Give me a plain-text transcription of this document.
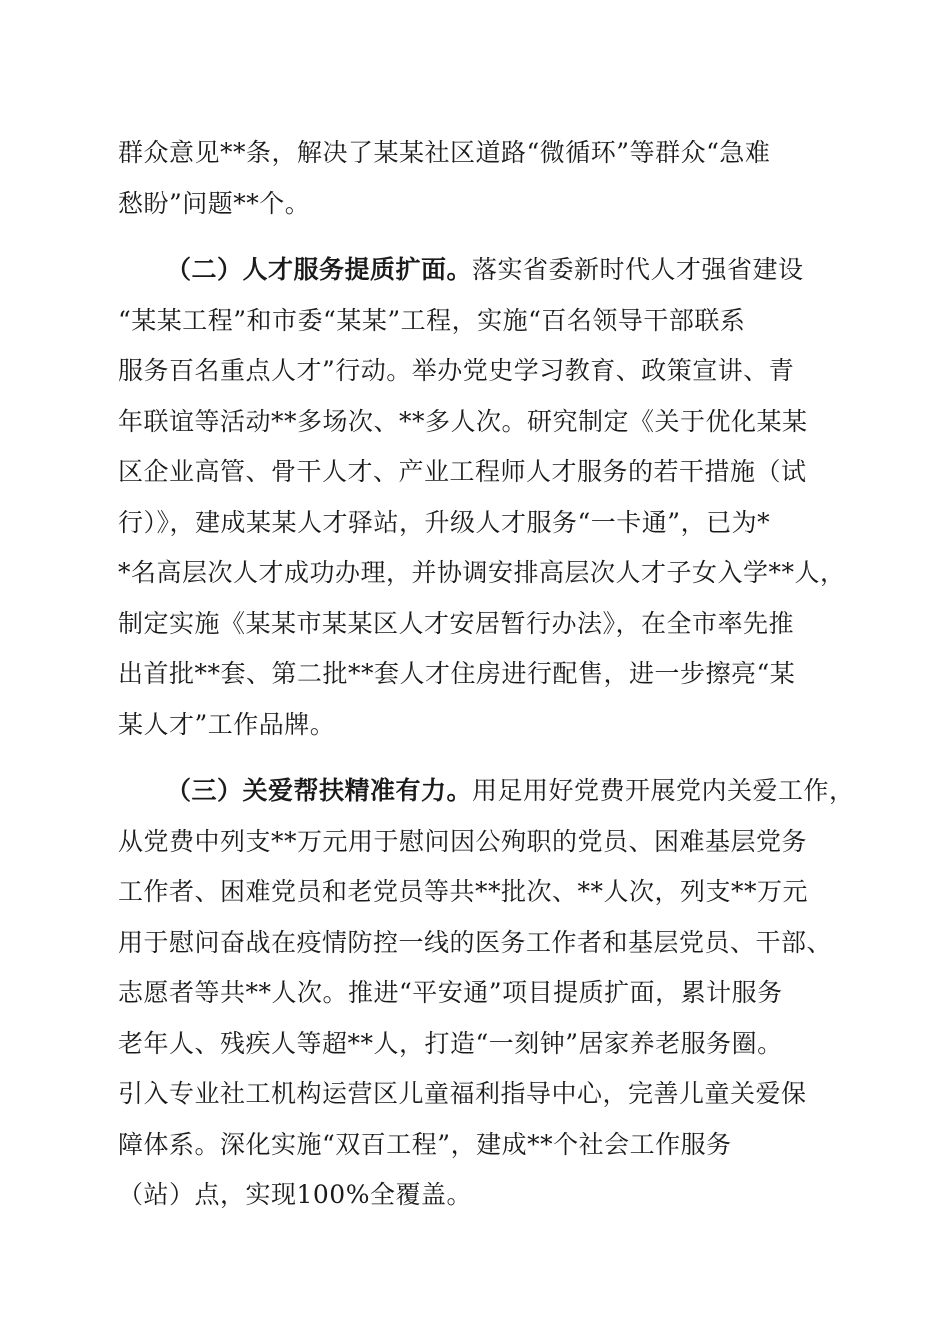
群众意见**条，解决了某某社区道路“微循环”等群众“急难
愁盼”问题**个。
（二）人才服务提质扩面。落实省委新时代人才强省建设
“某某工程”和市委“某某”工程，实施“百名领导干部联系
服务百名重点人才”行动。举办党史学习教育、政策宣讲、青
年联谊等活动**多场次、**多人次。研究制定《关于优化某某
区企业高管、骨干人才、产业工程师人才服务的若干措施（试
行）》，建成某某人才驿站，升级人才服务“一卡通”，已为*
*名高层次人才成功办理，并协调安排高层次人才子女入学**人，
制定实施《某某市某某区人才安居暂行办法》，在全市率先推
出首批**套、第二批**套人才住房进行配售，进一步擦亮“某
某人才”工作品牌。
（三）关爱帮扶精准有力。用足用好党费开展党内关爱工作，
从党费中列支**万元用于慰问因公殉职的党员、困难基层党务
工作者、困难党员和老党员等共**批次、**人次，列支**万元
用于慰问奋战在疫情防控一线的医务工作者和基层党员、干部、
志愿者等共**人次。推进“平安通”项目提质扩面，累计服务
老年人、残疾人等超**人，打造“一刻钟”居家养老服务圈。
引入专业社工机构运营区儿童福利指导中心，完善儿童关爱保
障体系。深化实施“双百工程”，建成**个社会工作服务
（站）点，实现100%全覆盖。
